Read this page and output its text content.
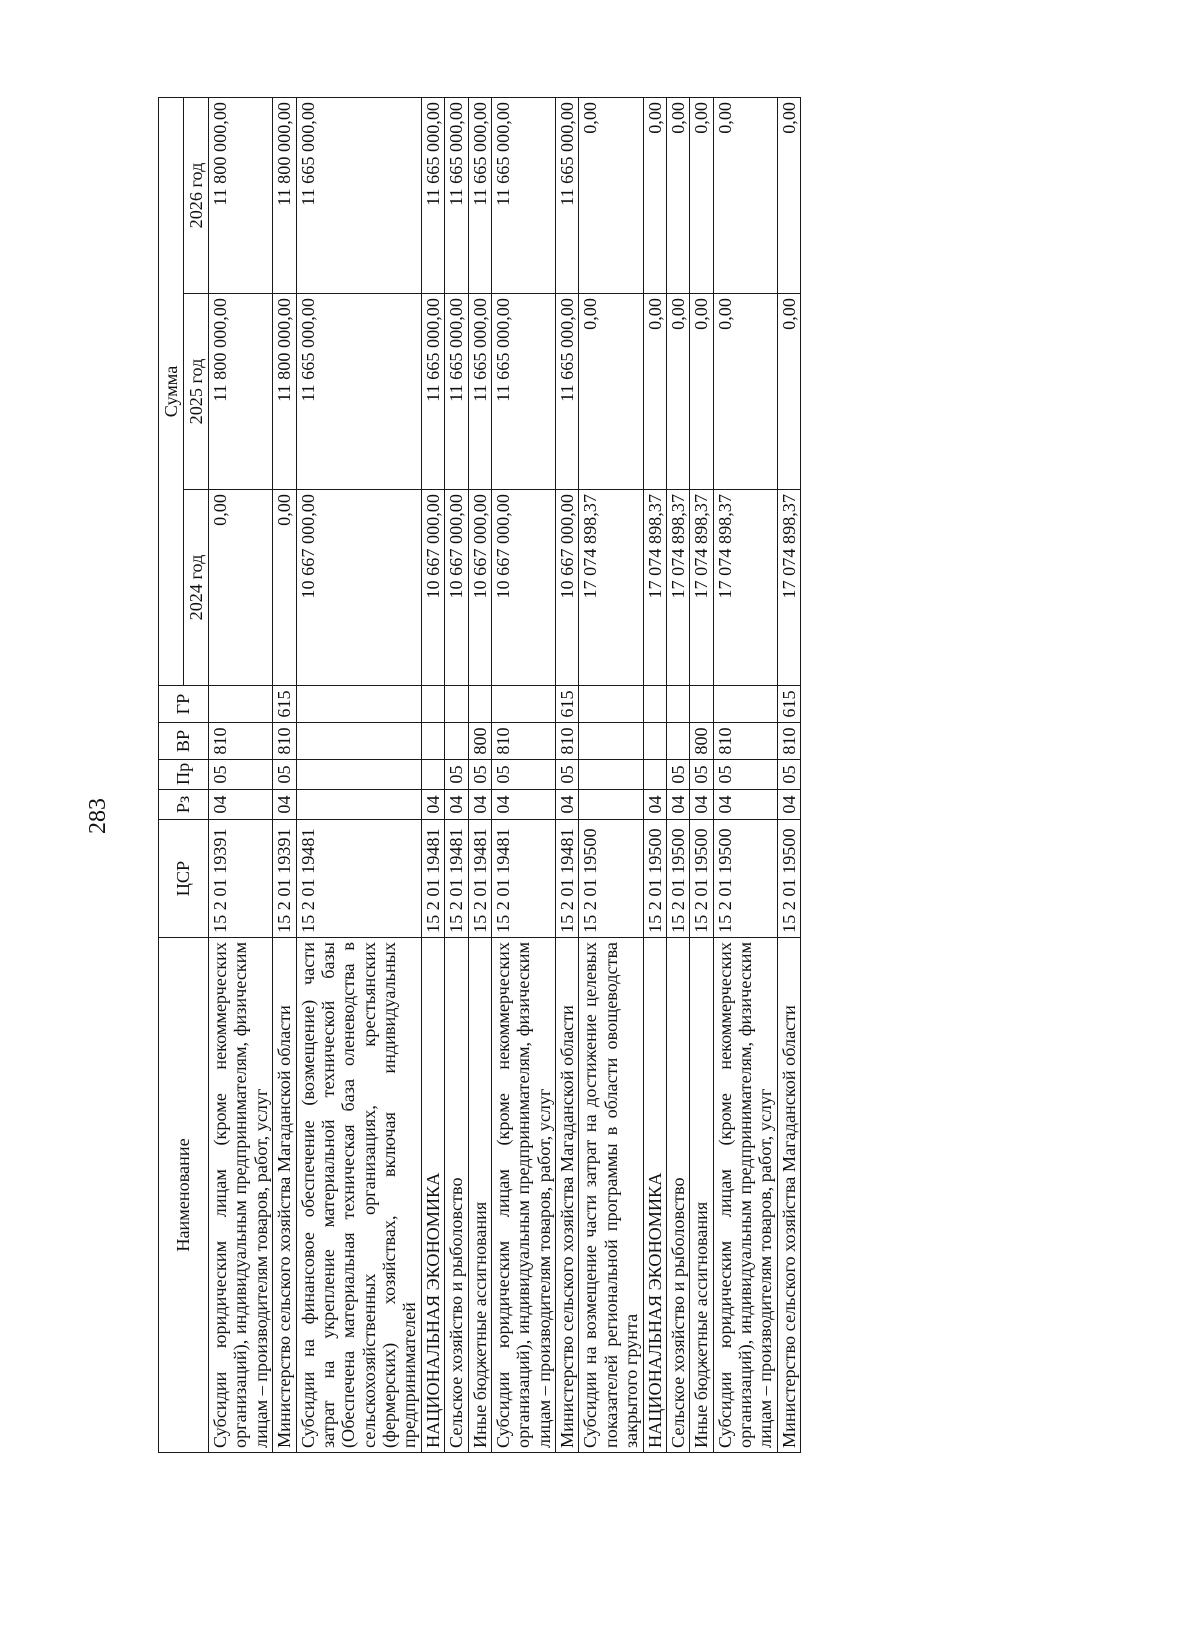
283
Наименование	ЦСР	Рз	Пр	ВР	ГР	Сумма		
						2024 год	2025 год	2026 год
Субсидии юридическим лицам (кроме некоммерческих организаций), индивидуальным предпринимателям, физическим лицам – производителям товаров, работ, услуг	15 2 01 19391	04	05	810		0,00	11 800 000,00	11 800 000,00
Министерство сельского хозяйства Магаданской области	15 2 01 19391	04	05	810	615	0,00	11 800 000,00	11 800 000,00
Субсидии на финансовое обеспечение (возмещение) части затрат на укрепление материальной технической базы (Обеспечена материальная техническая база оленеводства в сельскохозяйственных организациях, крестьянских (фермерских) хозяйствах, включая индивидуальных предпринимателей	15 2 01 19481					10 667 000,00	11 665 000,00	11 665 000,00
НАЦИОНАЛЬНАЯ ЭКОНОМИКА	15 2 01 19481	04				10 667 000,00	11 665 000,00	11 665 000,00
Сельское хозяйство и рыболовство	15 2 01 19481	04	05			10 667 000,00	11 665 000,00	11 665 000,00
Иные бюджетные ассигнования	15 2 01 19481	04	05	800		10 667 000,00	11 665 000,00	11 665 000,00
Субсидии юридическим лицам (кроме некоммерческих организаций), индивидуальным предпринимателям, физическим лицам – производителям товаров, работ, услуг	15 2 01 19481	04	05	810		10 667 000,00	11 665 000,00	11 665 000,00
Министерство сельского хозяйства Магаданской области	15 2 01 19481	04	05	810	615	10 667 000,00	11 665 000,00	11 665 000,00
Субсидии на возмещение части затрат на достижение целевых показателей региональной программы в области овощеводства закрытого грунта	15 2 01 19500					17 074 898,37	0,00	0,00
НАЦИОНАЛЬНАЯ ЭКОНОМИКА	15 2 01 19500	04				17 074 898,37	0,00	0,00
Сельское хозяйство и рыболовство	15 2 01 19500	04	05			17 074 898,37	0,00	0,00
Иные бюджетные ассигнования	15 2 01 19500	04	05	800		17 074 898,37	0,00	0,00
Субсидии юридическим лицам (кроме некоммерческих организаций), индивидуальным предпринимателям, физическим лицам – производителям товаров, работ, услуг	15 2 01 19500	04	05	810		17 074 898,37	0,00	0,00
Министерство сельского хозяйства Магаданской области	15 2 01 19500	04	05	810	615	17 074 898,37	0,00	0,00
